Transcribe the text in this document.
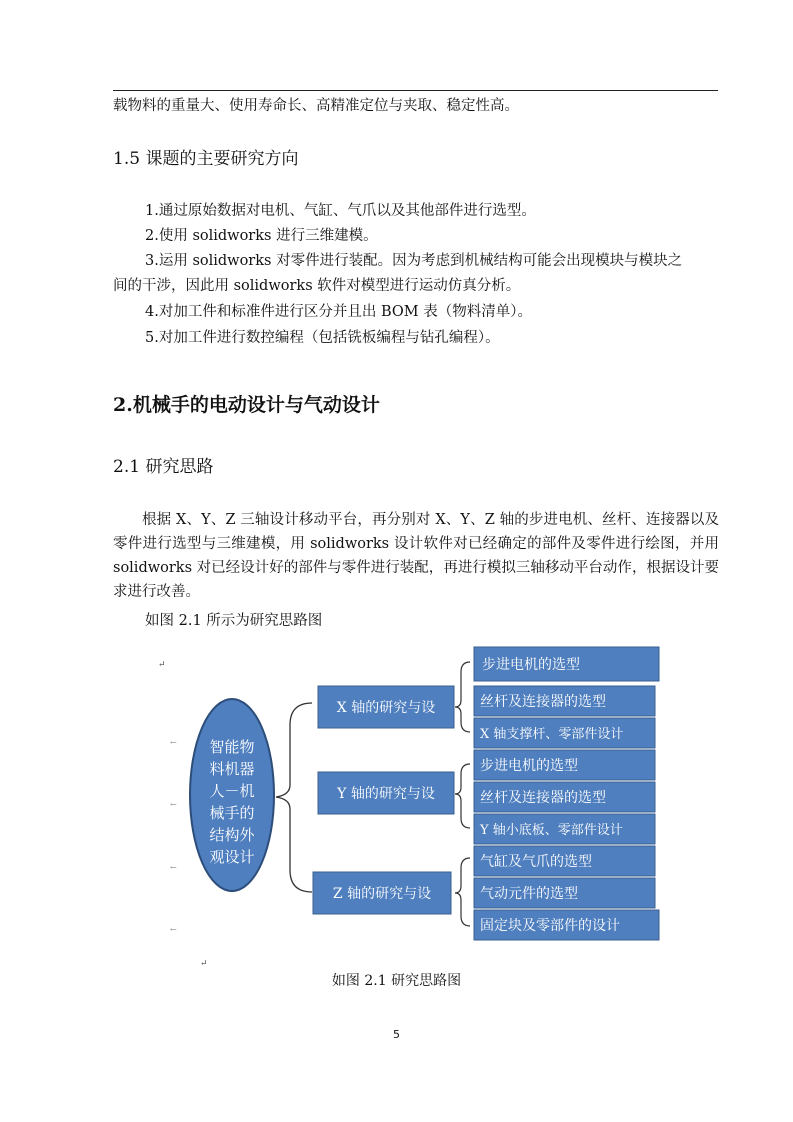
载物料的重量大、使用寿命长、高精准定位与夹取、稳定性高。
1.5 课题的主要研究方向
1.通过原始数据对电机、气缸、气爪以及其他部件进行选型。
2.使用 solidworks 进行三维建模。
3.运用 solidworks 对零件进行装配。因为考虑到机械结构可能会出现模块与模块之
间的干涉，因此用 solidworks 软件对模型进行运动仿真分析。
4.对加工件和标准件进行区分并且出 BOM 表（物料清单）。
5.对加工件进行数控编程（包括铣板编程与钻孔编程）。
2.机械手的电动设计与气动设计
2.1 研究思路
根据 X、Y、Z 三轴设计移动平台，再分别对 X、Y、Z 轴的步进电机、丝杆、连接器以及零件进行选型与三维建模，用 solidworks 设计软件对已经确定的部件及零件进行绘图，并用 solidworks 对已经设计好的部件与零件进行装配，再进行模拟三轴移动平台动作，根据设计要求进行改善。
如图 2.1 所示为研究思路图
↵
←
←
←
←
↵
智能物
料机器
人－机
械手的
结构外
观设计
X 轴的研究与设
Y 轴的研究与设
Z 轴的研究与设
步进电机的选型
丝杆及连接器的选型
X 轴支撑杆、零部件设计
步进电机的选型
丝杆及连接器的选型
Y 轴小底板、零部件设计
气缸及气爪的选型
气动元件的选型
固定块及零部件的设计
如图 2.1 研究思路图
5
